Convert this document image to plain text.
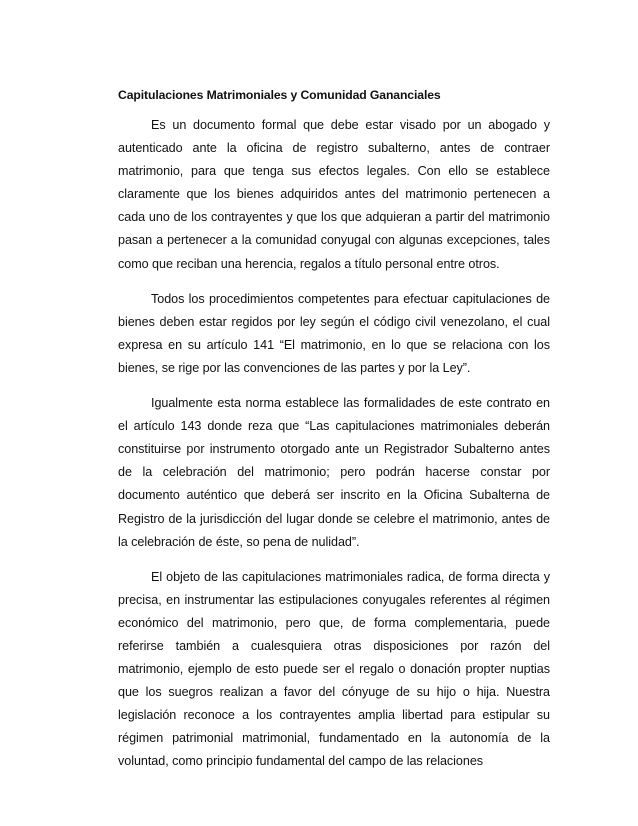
Capitulaciones Matrimoniales y Comunidad Gananciales

Es un documento formal que debe estar visado por un abogado y autenticado ante la oficina de registro subalterno, antes de contraer matrimonio, para que tenga sus efectos legales. Con ello se establece claramente que los bienes adquiridos antes del matrimonio pertenecen a cada uno de los contrayentes y que los que adquieran a partir del matrimonio pasan a pertenecer a la comunidad conyugal con algunas excepciones, tales como que reciban una herencia, regalos a título personal entre otros.

Todos los procedimientos competentes para efectuar capitulaciones de bienes deben estar regidos por ley según el código civil venezolano, el cual expresa en su artículo 141 “El matrimonio, en lo que se relaciona con los bienes, se rige por las convenciones de las partes y por la Ley”.

Igualmente esta norma establece las formalidades de este contrato en el artículo 143 donde reza que “Las capitulaciones matrimoniales deberán constituirse por instrumento otorgado ante un Registrador Subalterno antes de la celebración del matrimonio; pero podrán hacerse constar por documento auténtico que deberá ser inscrito en la Oficina Subalterna de Registro de la jurisdicción del lugar donde se celebre el matrimonio, antes de la celebración de éste, so pena de nulidad”.

El objeto de las capitulaciones matrimoniales radica, de forma directa y precisa, en instrumentar las estipulaciones conyugales referentes al régimen económico del matrimonio, pero que, de forma complementaria, puede referirse también a cualesquiera otras disposiciones por razón del matrimonio, ejemplo de esto puede ser el regalo o donación propter nuptias que los suegros realizan a favor del cónyuge de su hijo o hija. Nuestra legislación reconoce a los contrayentes amplia libertad para estipular su régimen patrimonial matrimonial, fundamentado en la autonomía de la voluntad, como principio fundamental del campo de las relaciones
